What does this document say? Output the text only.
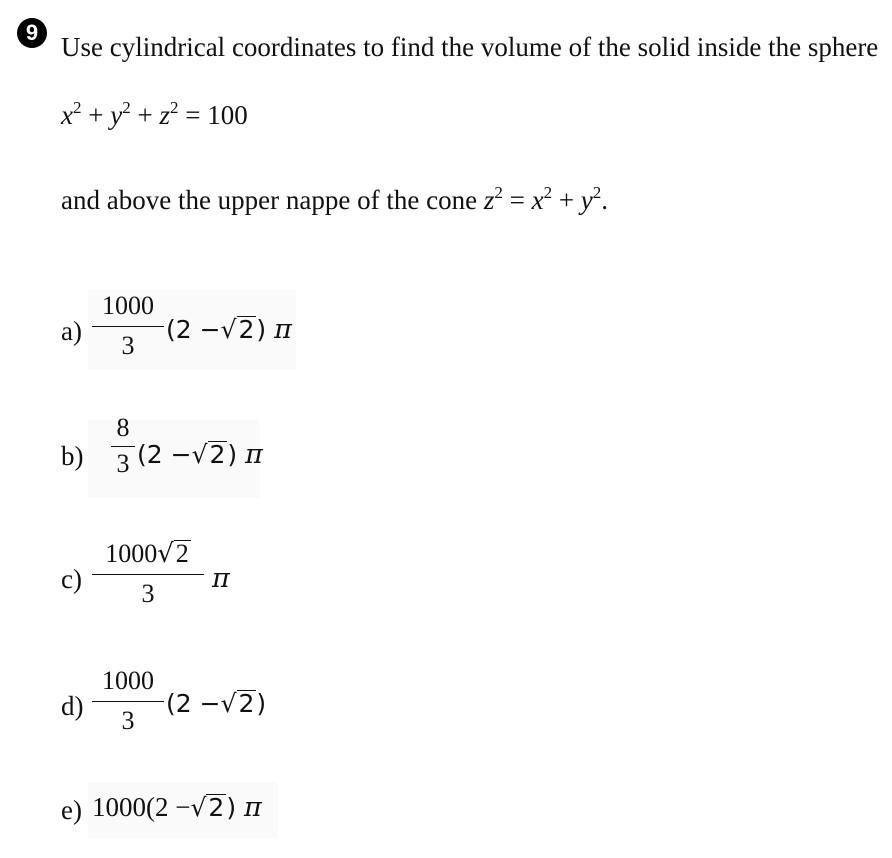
9 Use cylindrical coordinates to find the volume of the solid inside the sphere
$x^2 + y^2 + z^2 = 100$
and above the upper nappe of the cone $z^2 = x^2 + y^2$.
a)
1000
3
(2 −√2) π
b)
8
3 (2 −√2) π
c)
1000√2
3	π
d)
1000
3
(2 −√2)
e) 1000(2 −√2) π
